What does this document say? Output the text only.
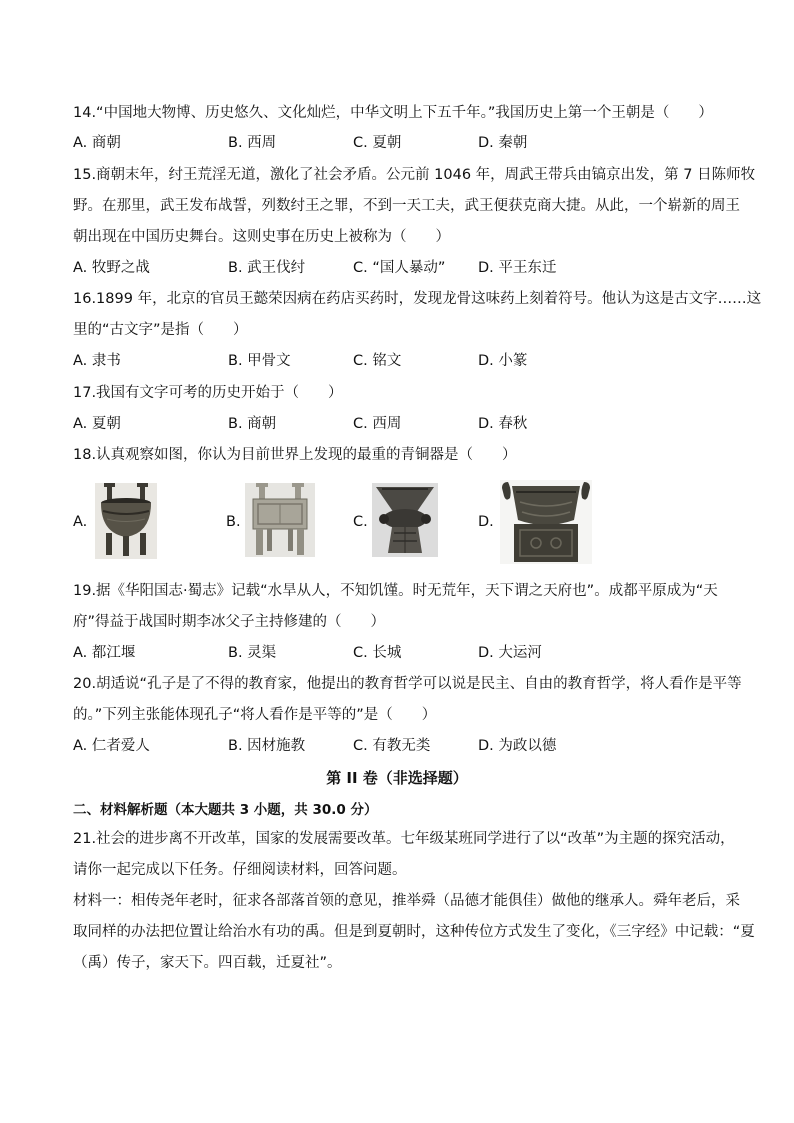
14.“中国地大物博、历史悠久、文化灿烂，中华文明上下五千年。”我国历史上第一个王朝是（　　）
A. 商朝	B. 西周	C. 夏朝	D. 秦朝
15.商朝末年，纣王荒淫无道，激化了社会矛盾。公元前 1046 年，周武王带兵由镐京出发，第 7 日陈师牧
野。在那里，武王发布战誓，列数纣王之罪，不到一天工夫，武王便获克商大捷。从此，一个崭新的周王
朝出现在中国历史舞台。这则史事在历史上被称为（　　）
A. 牧野之战	B. 武王伐纣	C. “国人暴动” D. 平王东迁
16.1899 年，北京的官员王懿荣因病在药店买药时，发现龙骨这味药上刻着符号。他认为这是古文字……这
里的“古文字”是指（　　）
A. 隶书	B. 甲骨文	C. 铭文	D. 小篆
17.我国有文字可考的历史开始于（　　）
A. 夏朝	B. 商朝	C. 西周	D. 春秋
18.认真观察如图，你认为目前世界上发现的最重的青铜器是（　　）
A.	B.	C.	D.
19.据《华阳国志·蜀志》记载“水旱从人，不知饥馑。时无荒年，天下谓之天府也”。成都平原成为“天
府”得益于战国时期李冰父子主持修建的（　　）
A. 都江堰	B. 灵渠	C. 长城	D. 大运河
20.胡适说“孔子是了不得的教育家，他提出的教育哲学可以说是民主、自由的教育哲学，将人看作是平等
的。”下列主张能体现孔子“将人看作是平等的”是（　　）
A. 仁者爱人	B. 因材施教	C. 有教无类	D. 为政以德
第 II 卷（非选择题）
二、材料解析题（本大题共 3 小题，共 30.0 分）
21.社会的进步离不开改革，国家的发展需要改革。七年级某班同学进行了以“改革”为主题的探究活动，
请你一起完成以下任务。仔细阅读材料，回答问题。
材料一：相传尧年老时，征求各部落首领的意见，推举舜（品德才能俱佳）做他的继承人。舜年老后，采
取同样的办法把位置让给治水有功的禹。但是到夏朝时，这种传位方式发生了变化，《三字经》中记载：“夏
（禹）传子，家天下。四百载，迁夏社”。
